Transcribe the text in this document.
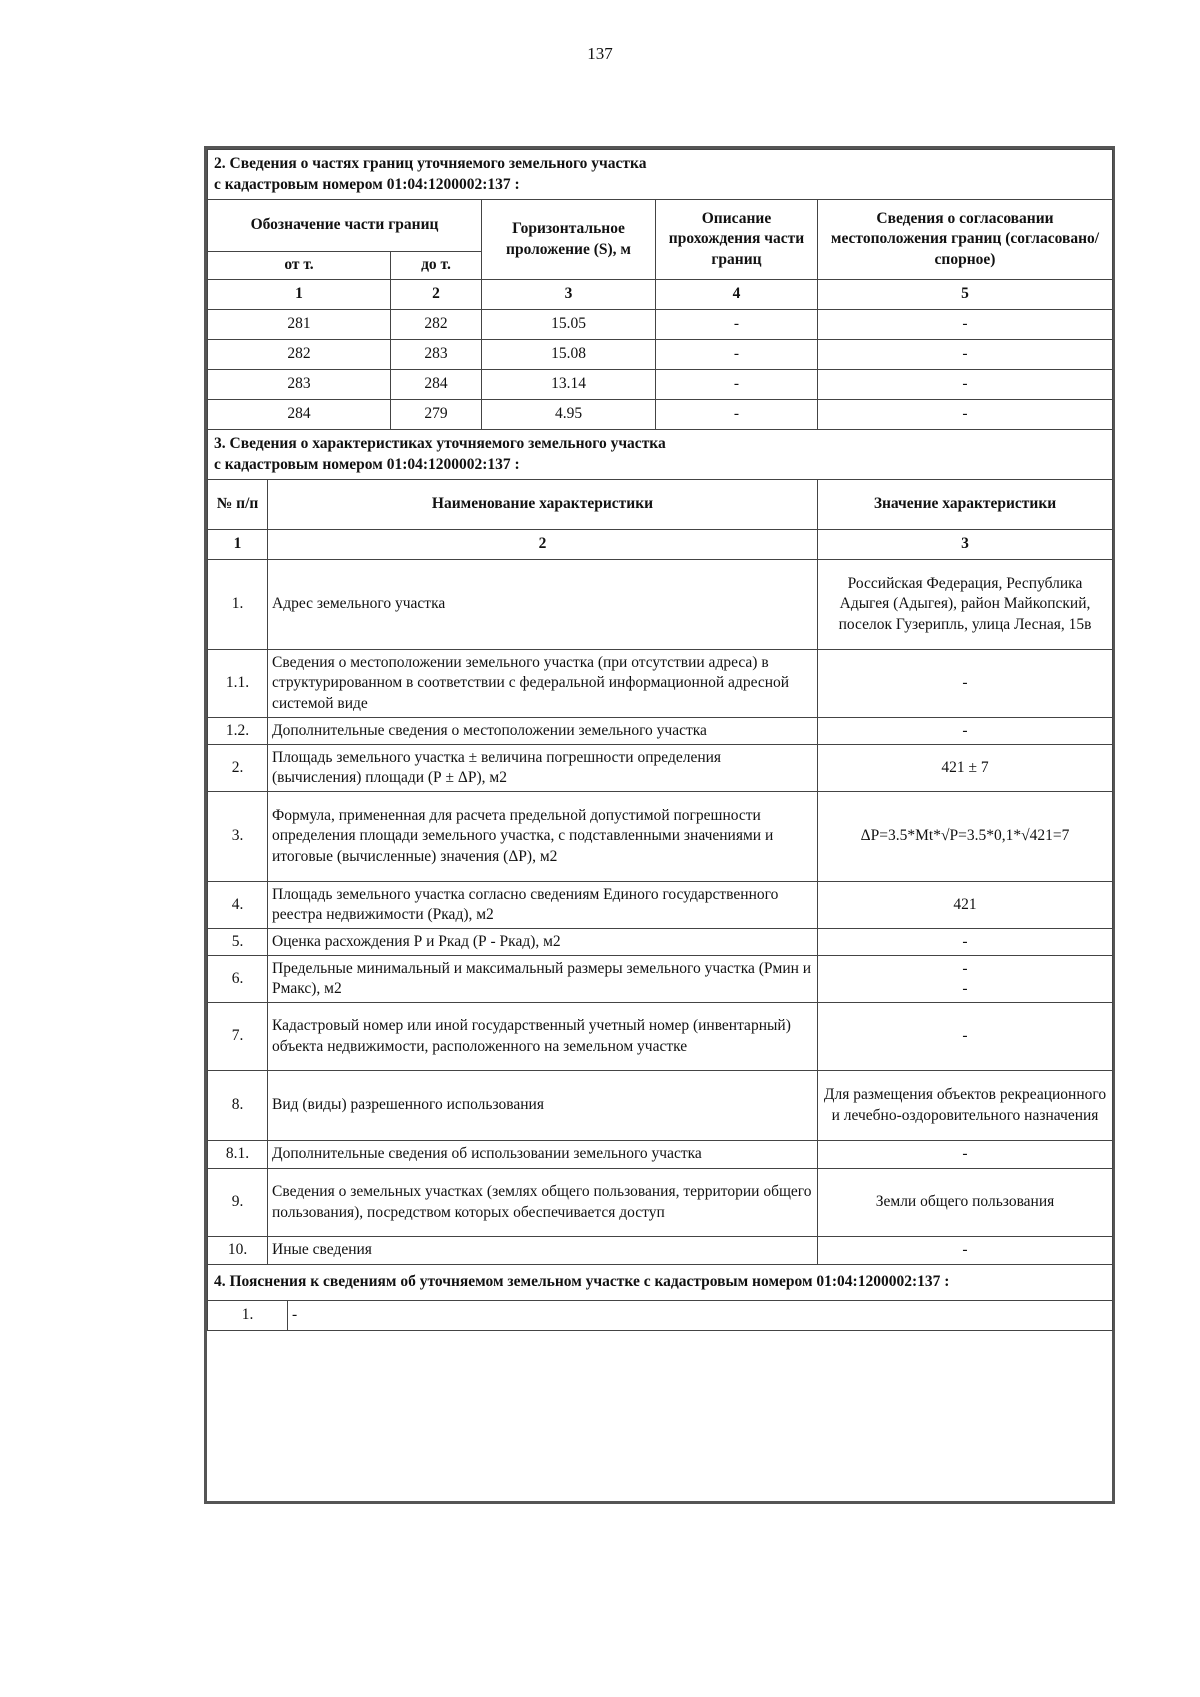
137
2. Сведения о частях границ уточняемого земельного участка
с кадастровым номером 01:04:1200002:137 :				

Обозначение части границ		Горизонтальное проложение (S), м	Описание прохождения части границ	Сведения о согласовании местоположения границ (согласовано/спорное)
от т.	до т.			
1	2	3	4	5
281	282	15.05	-	-
282	283	15.08	-	-
283	284	13.14	-	-
284	279	4.95	-	-
3. Сведения о характеристиках уточняемого земельного участка
с кадастровым номером 01:04:1200002:137 :		

№ п/п	Наименование характеристики	Значение характеристики
1	2	3
1.	Адрес земельного участка	Российская Федерация, Республика Адыгея (Адыгея), район Майкопский, поселок Гузерипль, улица Лесная, 15в
1.1.	Сведения о местоположении земельного участка (при отсутствии адреса) в структурированном в соответствии с федеральной информационной адресной системой виде	-
1.2.	Дополнительные сведения о местоположении земельного участка	-
2.	Площадь земельного участка ± величина погрешности определения (вычисления) площади (Р ± ΔР), м2	421 ± 7
3.	Формула, примененная для расчета предельной допустимой погрешности определения площади земельного участка, с подставленными значениями и итоговые (вычисленные) значения (ΔР), м2	ΔР=3.5*Mt*√Р=3.5*0,1*√421=7
4.	Площадь земельного участка согласно сведениям Единого государственного реестра недвижимости (Ркад), м2	421
5.	Оценка расхождения Р и Ркад (Р - Ркад), м2	-
6.	Предельные минимальный и максимальный размеры земельного участка (Рмин и Рмакс), м2	-
-

7.	Кадастровый номер или иной государственный учетный номер (инвентарный) объекта недвижимости, расположенного на земельном участке	-
8.	Вид (виды) разрешенного использования	Для размещения объектов рекреационного и лечебно-оздоровительного назначения
8.1.	Дополнительные сведения об использовании земельного участка	-
9.	Сведения о земельных участках (землях общего пользования, территории общего пользования), посредством которых обеспечивается доступ	Земли общего пользования
10.	Иные сведения	-
4. Пояснения к сведениям об уточняемом земельном участке с кадастровым номером 01:04:1200002:137 :
1.	-
